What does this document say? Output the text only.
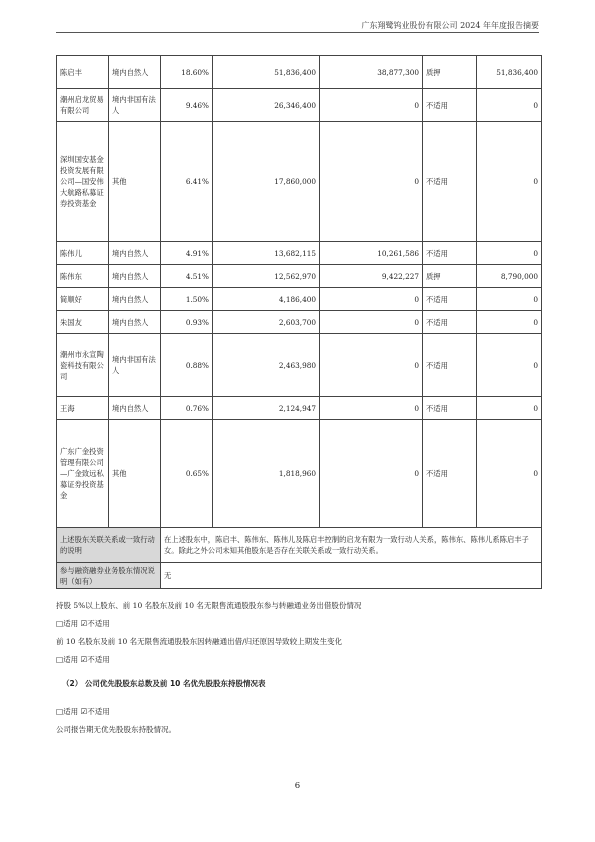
广东翔鹭钨业股份有限公司 2024 年年度报告摘要
陈启丰	境内自然人	18.60%	51,836,400	38,877,300	质押	51,836,400
潮州启龙贸易有限公司	境内非国有法人	9.46%	26,346,400	0	不适用	0
深圳国安基金投资发展有限公司—国安伟大航路私募证券投资基金	其他	6.41%	17,860,000	0	不适用	0
陈伟儿	境内自然人	4.91%	13,682,115	10,261,586	不适用	0
陈伟东	境内自然人	4.51%	12,562,970	9,422,227	质押	8,790,000
简顺好	境内自然人	1.50%	4,186,400	0	不适用	0
朱国友	境内自然人	0.93%	2,603,700	0	不适用	0
潮州市永宣陶瓷科技有限公司	境内非国有法人	0.88%	2,463,980	0	不适用	0
王海	境内自然人	0.76%	2,124,947	0	不适用	0
广东广金投资管理有限公司—广金致远私募证券投资基金	其他	0.65%	1,818,960	0	不适用	0
上述股东关联关系或一致行动的说明		在上述股东中，陈启丰、陈伟东、陈伟儿及陈启丰控制的启龙有限为一致行动人关系，陈伟东、陈伟儿系陈启丰子女。除此之外公司未知其他股东是否存在关联关系或一致行动关系。				
参与融资融券业务股东情况说明（如有）		无				
持股 5%以上股东、前 10 名股东及前 10 名无限售流通股股东参与转融通业务出借股份情况
□适用 ☑不适用
前 10 名股东及前 10 名无限售流通股股东因转融通出借/归还原因导致较上期发生变化
□适用 ☑不适用
（2） 公司优先股股东总数及前 10 名优先股股东持股情况表
□适用 ☑不适用
公司报告期无优先股股东持股情况。
6
